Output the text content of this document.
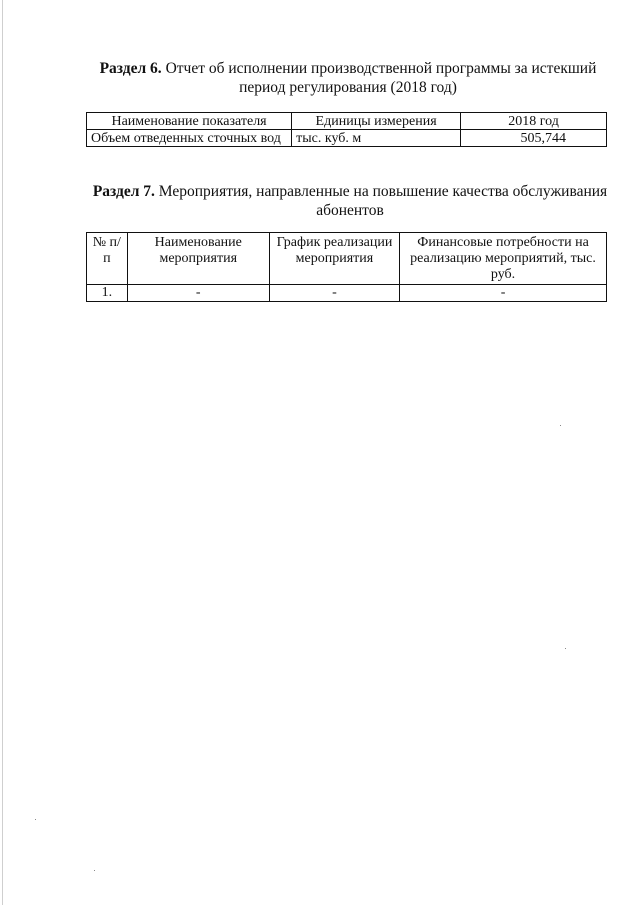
Раздел 6. Отчет об исполнении производственной программы за истекший
период регулирования (2018 год)
Наименование показателя	Единицы измерения	2018 год
Объем отведенных сточных вод	тыс. куб. м	505,744
Раздел 7. Мероприятия, направленные на повышение качества обслуживания
абонентов
№ п/п	Наименование мероприятия	График реализации мероприятия	Финансовые потребности на реализацию мероприятий, тыс. руб.
1.	-	-	-
